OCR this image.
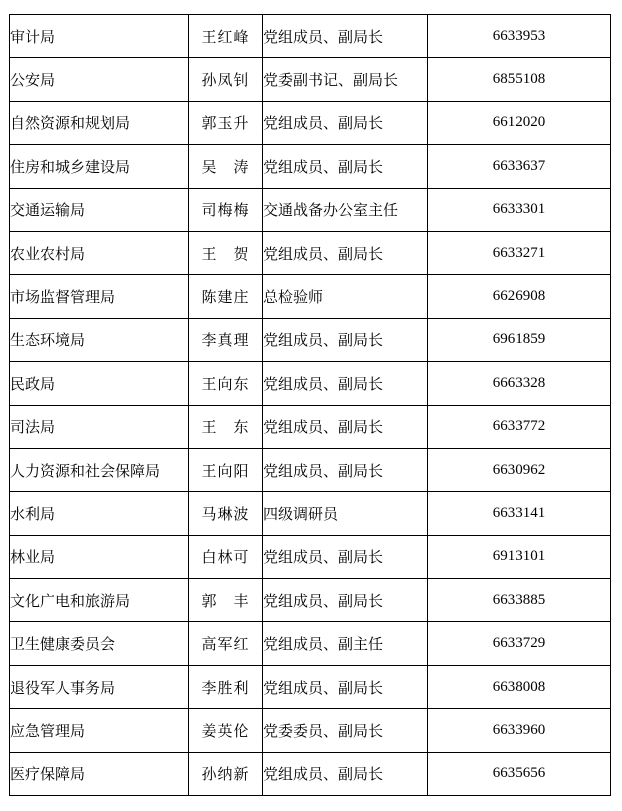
审计局	王红峰	党组成员、副局长	6633953
公安局	孙凤钊	党委副书记、副局长	6855108
自然资源和规划局	郭玉升	党组成员、副局长	6612020
住房和城乡建设局	吴　涛	党组成员、副局长	6633637
交通运输局	司梅梅	交通战备办公室主任	6633301
农业农村局	王　贺	党组成员、副局长	6633271
市场监督管理局	陈建庄	总检验师	6626908
生态环境局	李真理	党组成员、副局长	6961859
民政局	王向东	党组成员、副局长	6663328
司法局	王　东	党组成员、副局长	6633772
人力资源和社会保障局	王向阳	党组成员、副局长	6630962
水利局	马琳波	四级调研员	6633141
林业局	白林可	党组成员、副局长	6913101
文化广电和旅游局	郭　丰	党组成员、副局长	6633885
卫生健康委员会	高军红	党组成员、副主任	6633729
退役军人事务局	李胜利	党组成员、副局长	6638008
应急管理局	姜英伦	党委委员、副局长	6633960
医疗保障局	孙纳新	党组成员、副局长	6635656
